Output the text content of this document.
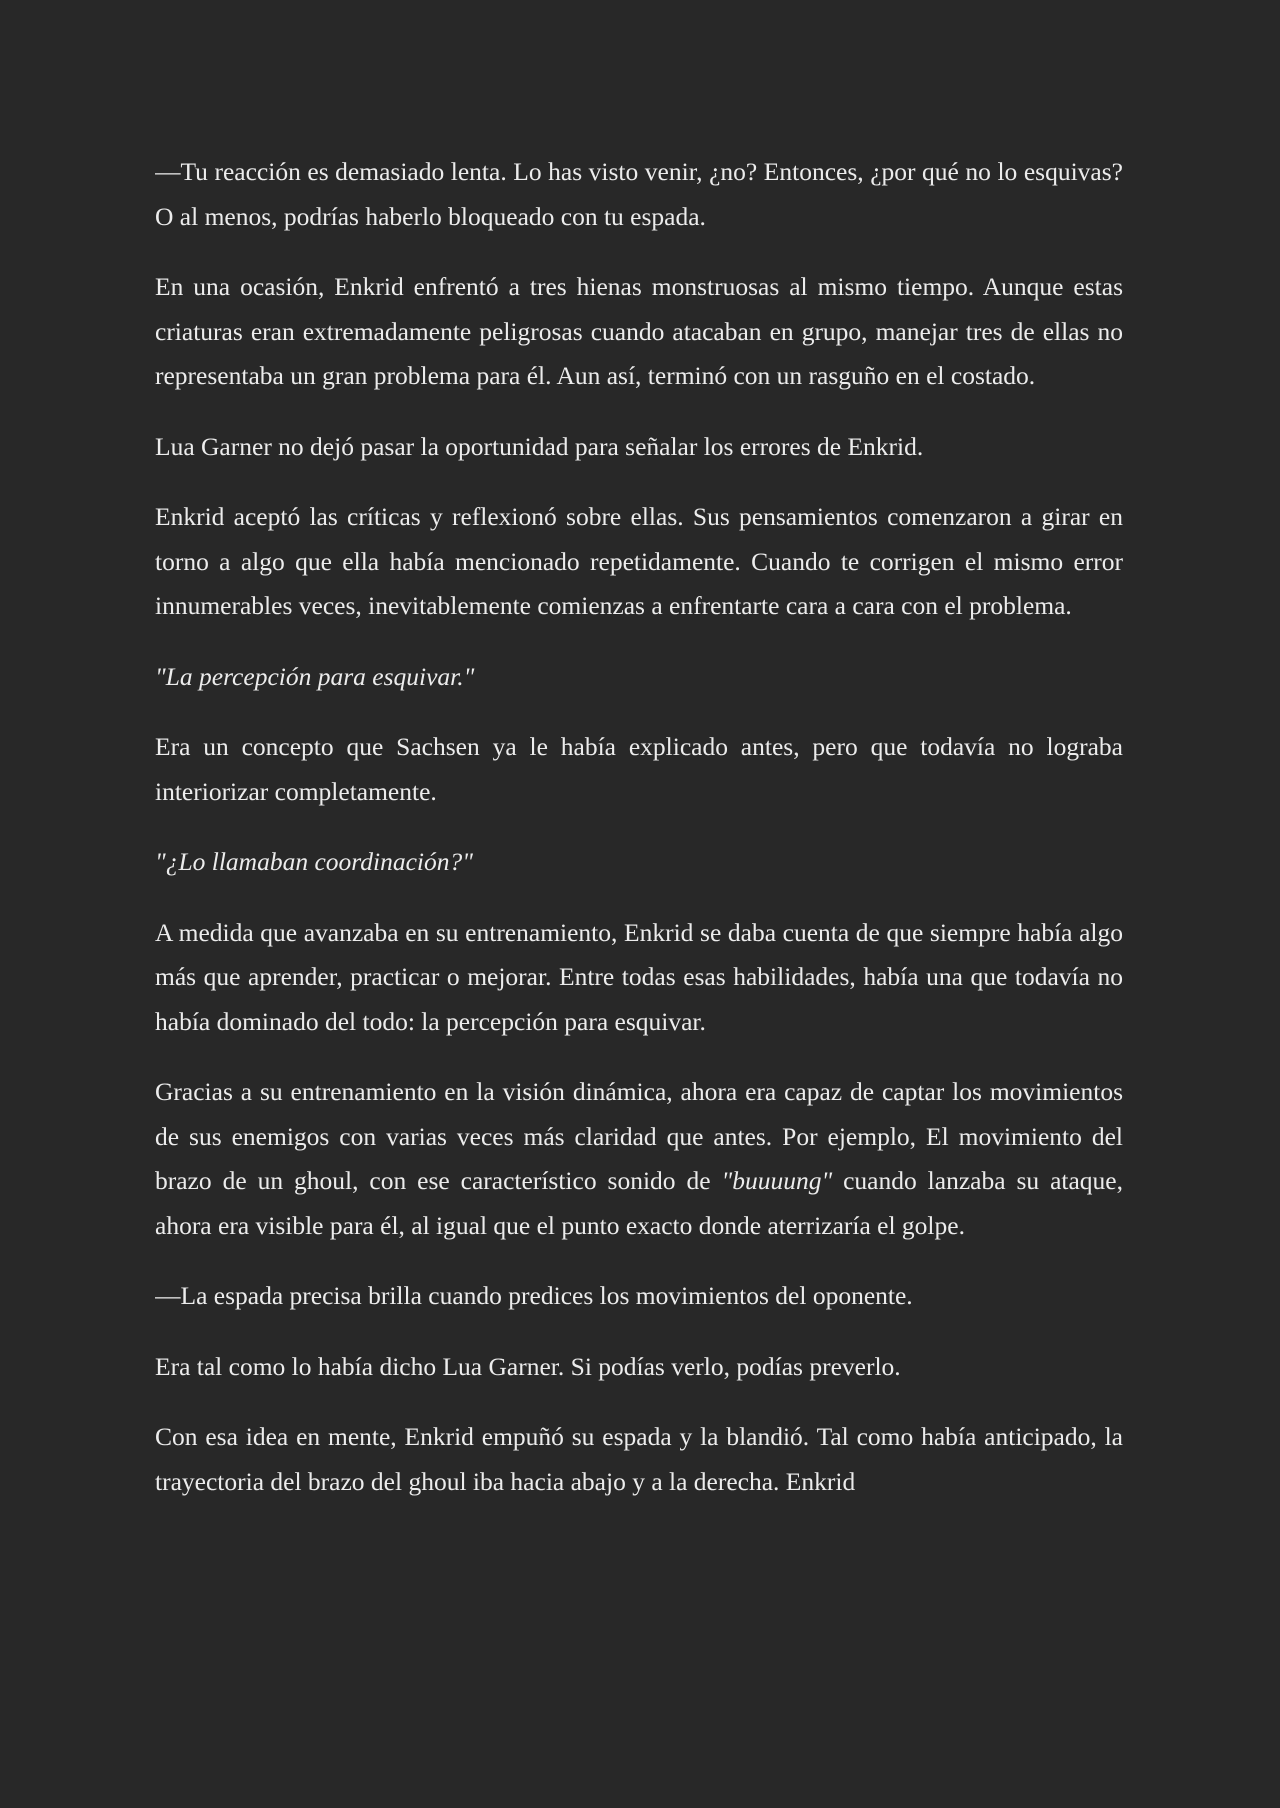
—Tu reacción es demasiado lenta. Lo has visto venir, ¿no? Entonces, ¿por qué no lo esquivas? O al menos, podrías haberlo bloqueado con tu espada.

En una ocasión, Enkrid enfrentó a tres hienas monstruosas al mismo tiempo. Aunque estas criaturas eran extremadamente peligrosas cuando atacaban en grupo, manejar tres de ellas no representaba un gran problema para él. Aun así, terminó con un rasguño en el costado.

Lua Garner no dejó pasar la oportunidad para señalar los errores de Enkrid.

Enkrid aceptó las críticas y reflexionó sobre ellas. Sus pensamientos comenzaron a girar en torno a algo que ella había mencionado repetidamente. Cuando te corrigen el mismo error innumerables veces, inevitablemente comienzas a enfrentarte cara a cara con el problema.

"La percepción para esquivar."

Era un concepto que Sachsen ya le había explicado antes, pero que todavía no lograba interiorizar completamente.

"¿Lo llamaban coordinación?"

A medida que avanzaba en su entrenamiento, Enkrid se daba cuenta de que siempre había algo más que aprender, practicar o mejorar. Entre todas esas habilidades, había una que todavía no había dominado del todo: la percepción para esquivar.

Gracias a su entrenamiento en la visión dinámica, ahora era capaz de captar los movimientos de sus enemigos con varias veces más claridad que antes. Por ejemplo, El movimiento del brazo de un ghoul, con ese característico sonido de "buuuung" cuando lanzaba su ataque, ahora era visible para él, al igual que el punto exacto donde aterrizaría el golpe.

—La espada precisa brilla cuando predices los movimientos del oponente.

Era tal como lo había dicho Lua Garner. Si podías verlo, podías preverlo.

Con esa idea en mente, Enkrid empuñó su espada y la blandió. Tal como había anticipado, la trayectoria del brazo del ghoul iba hacia abajo y a la derecha. Enkrid
